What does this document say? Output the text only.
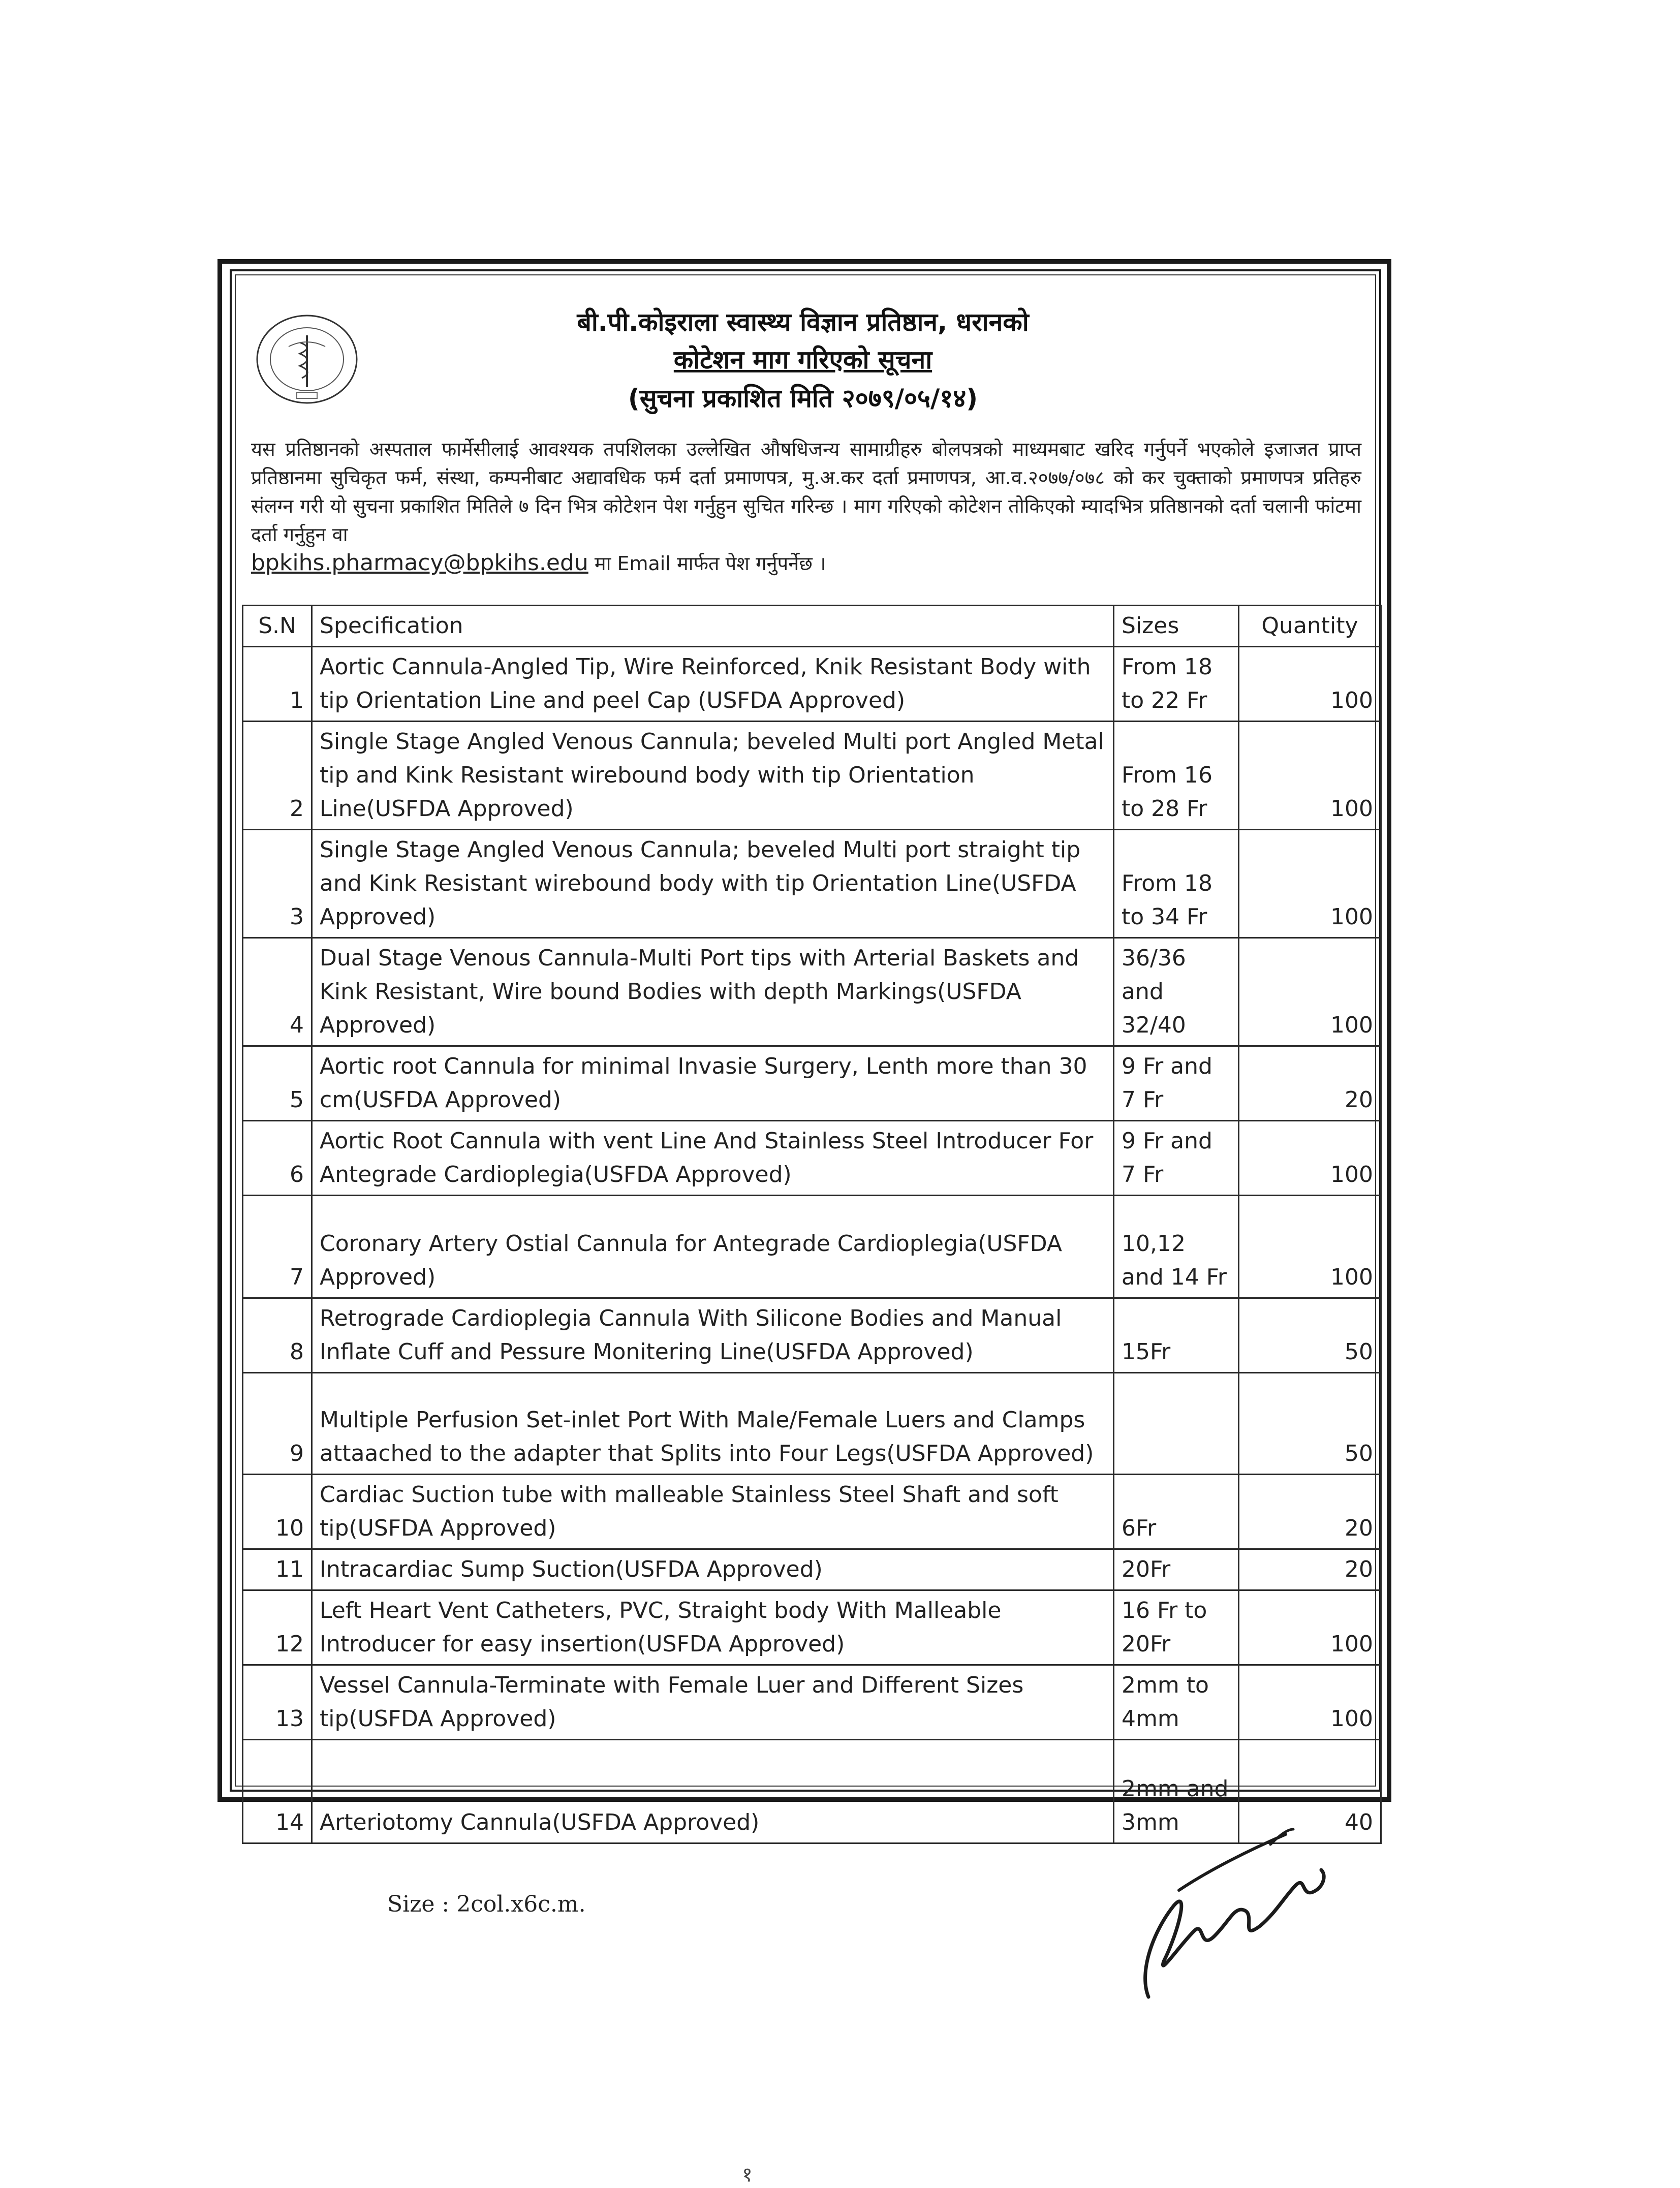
बी.पी.कोइराला स्वास्थ्य विज्ञान प्रतिष्ठान, धरानको
कोटेशन माग गरिएको सूचना
(सुचना प्रकाशित मिति २०७९/०५/१४)
यस प्रतिष्ठानको अस्पताल फार्मेसीलाई आवश्यक तपशिलका उल्लेखित औषधिजन्य सामाग्रीहरु बोलपत्रको माध्यमबाट खरिद गर्नुपर्ने भएकोले इजाजत प्राप्त प्रतिष्ठानमा सुचिकृत फर्म, संस्था, कम्पनीबाट अद्यावधिक फर्म दर्ता प्रमाणपत्र, मु.अ.कर दर्ता प्रमाणपत्र, आ.व.२०७७/०७८ को कर चुक्ताको प्रमाणपत्र प्रतिहरु संलग्न गरी यो सुचना प्रकाशित मितिले ७ दिन भित्र कोटेशन पेश गर्नुहुन सुचित गरिन्छ । माग गरिएको कोटेशन तोकिएको म्यादभित्र प्रतिष्ठानको दर्ता चलानी फांटमा दर्ता गर्नुहुन वा
bpkihs.pharmacy@bpkihs.edu मा Email मार्फत पेश गर्नुपर्नेछ ।
S.N	Specification	Sizes	Quantity
1	Aortic Cannula-Angled Tip, Wire Reinforced, Knik Resistant Body with tip Orientation Line and peel Cap (USFDA Approved)	From 18 to 22 Fr	100
2	Single Stage Angled Venous Cannula; beveled Multi port Angled Metal tip and Kink Resistant wirebound body with tip Orientation Line(USFDA Approved)	From 16 to 28 Fr	100
3	Single Stage Angled Venous Cannula; beveled Multi port straight tip and Kink Resistant wirebound body with tip Orientation Line(USFDA Approved)	From 18 to 34 Fr	100
4	Dual Stage Venous Cannula-Multi Port tips with Arterial Baskets and Kink Resistant, Wire bound Bodies with depth Markings(USFDA Approved)	36/36 and 32/40	100
5	Aortic root Cannula for minimal Invasie Surgery, Lenth more than 30 cm(USFDA Approved)	9 Fr and 7 Fr	20
6	Aortic Root Cannula with vent Line And Stainless Steel Introducer For Antegrade Cardioplegia(USFDA Approved)	9 Fr and 7 Fr	100
7	Coronary Artery Ostial Cannula for Antegrade Cardioplegia(USFDA Approved)	10,12 and 14 Fr	100
8	Retrograde Cardioplegia Cannula With Silicone Bodies and Manual Inflate Cuff and Pessure Monitering Line(USFDA Approved)	15Fr	50
9	Multiple Perfusion Set-inlet Port With Male/Female Luers and Clamps attaached to the adapter that Splits into Four Legs(USFDA Approved)		50
10	Cardiac Suction tube with malleable Stainless Steel Shaft and soft tip(USFDA Approved)	6Fr	20
11	Intracardiac Sump Suction(USFDA Approved)	20Fr	20
12	Left Heart Vent Catheters, PVC, Straight body With Malleable Introducer for easy insertion(USFDA Approved)	16 Fr to 20Fr	100
13	Vessel Cannula-Terminate with Female Luer and Different Sizes tip(USFDA Approved)	2mm to 4mm	100
14	Arteriotomy Cannula(USFDA Approved)	2mm and 3mm	40
Size : 2col.x6c.m.
१
